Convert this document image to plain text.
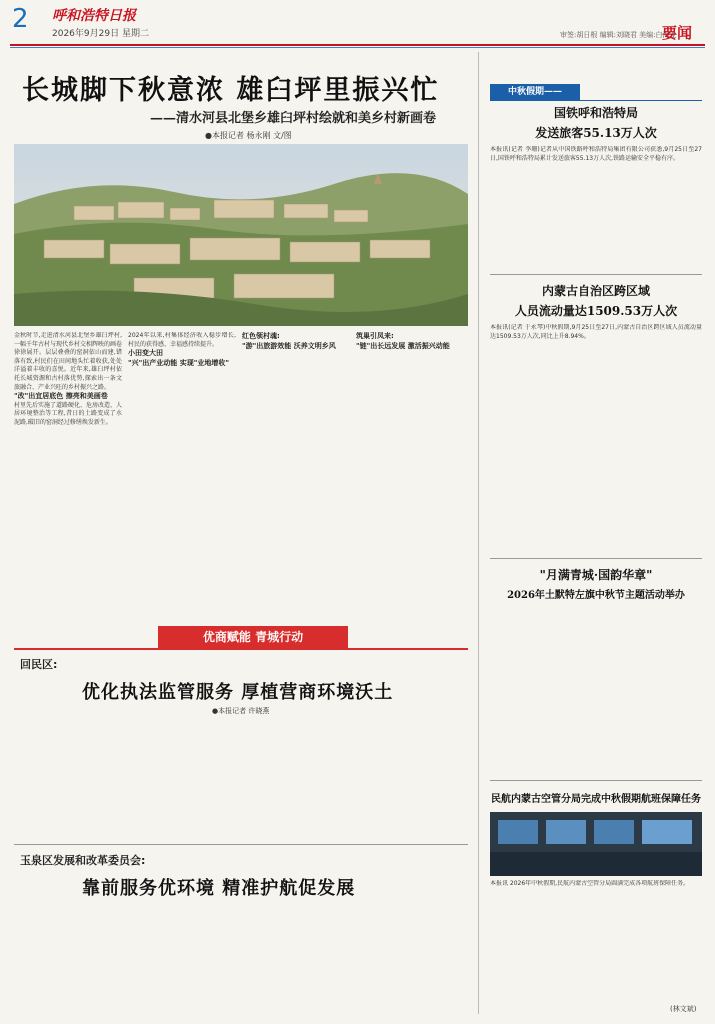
2 呼和浩特日报
2026年9月29日 星期二	审签:胡日根 编辑:刘晓君 美编:白海龙
要闻
长城脚下秋意浓 雄臼坪里振兴忙
——清水河县北堡乡雄臼坪村绘就和美乡村新画卷
●本报记者 杨永刚 文/图
金秋时节,走进清水河县北堡乡雄臼坪村,一幅千年古村与现代乡村交相辉映的画卷徐徐展开。层层叠叠的窑洞依山而建,错落有致,村民们在田间地头忙着收获,处处洋溢着丰收的喜悦。近年来,雄臼坪村依托长城资源和古村落优势,探索出一条文旅融合、产业兴旺的乡村振兴之路。
"改"出宜居底色 擦亮和美画卷
村里先后实施了道路硬化、危房改造、人居环境整治等工程,昔日的土路变成了水泥路,破旧的窑洞经过修缮焕发新生。
2024年以来,村集体经济收入稳步增长,村民的获得感、幸福感持续提升。
小田变大田
"兴"出产业动能 实现"业地增收"
红色领村魂:
"游"出旅游效能 沃养文明乡风
筑巢引凤来:
"链"出长远发展 激活振兴动能
优商赋能 青城行动
回民区:
优化执法监管服务 厚植营商环境沃土
●本报记者 许晓燕
玉泉区发展和改革委员会:
靠前服务优环境 精准护航促发展
中秋假期——
国铁呼和浩特局
发送旅客55.13万人次
本报讯(记者 李珊)记者从中国铁路呼和浩特局集团有限公司获悉,9月25日至27日,国铁呼和浩特局累计发送旅客55.13万人次,铁路运输安全平稳有序。
内蒙古自治区跨区域
人员流动量达1509.53万人次
本报讯(记者 于永琴)中秋假期,9月25日至27日,内蒙古自治区跨区域人员流动量达1509.53万人次,同比上升8.94%。
"月满青城·国韵华章"
2026年土默特左旗中秋节主题活动举办
民航内蒙古空管分局完成中秋假期航班保障任务
本报讯 2026年中秋假期,民航内蒙古空管分局圆满完成各项航班保障任务。
(林文斌)
